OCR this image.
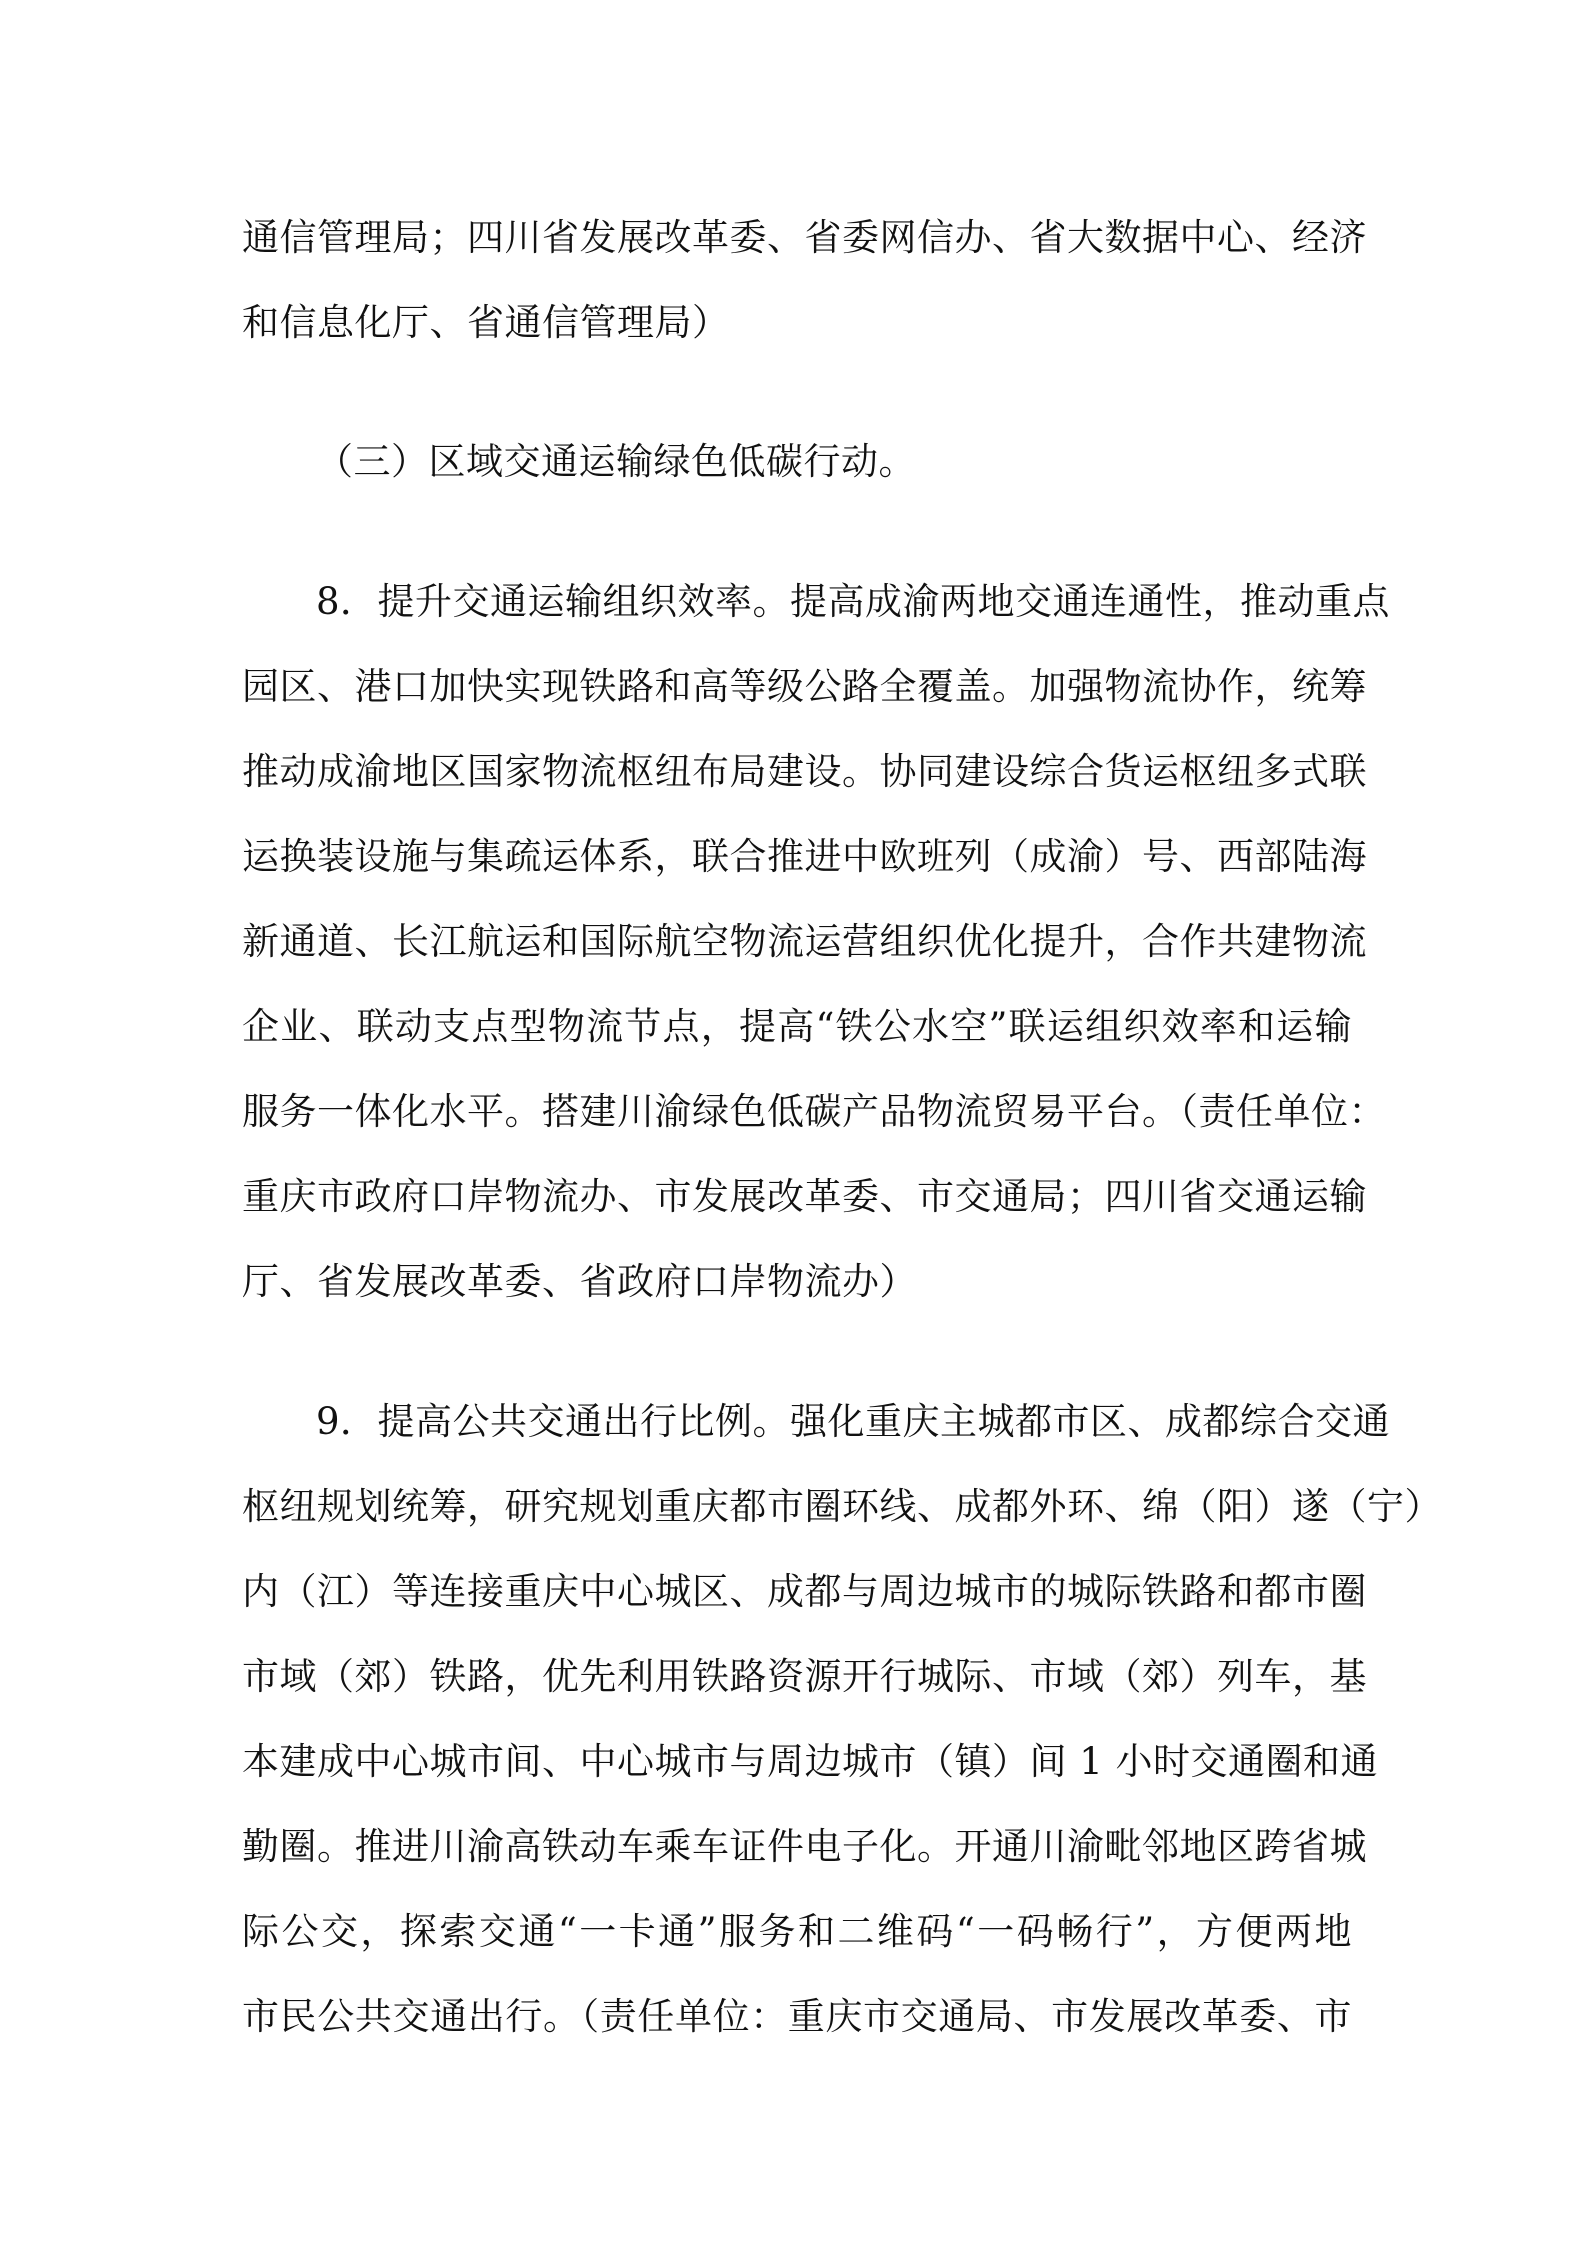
通信管理局；四川省发展改革委、省委网信办、省大数据中心、经济
和信息化厅、省通信管理局）
（三）区域交通运输绿色低碳行动。
8．提升交通运输组织效率。提高成渝两地交通连通性，推动重点
园区、港口加快实现铁路和高等级公路全覆盖。加强物流协作，统筹
推动成渝地区国家物流枢纽布局建设。协同建设综合货运枢纽多式联
运换装设施与集疏运体系，联合推进中欧班列（成渝）号、西部陆海
新通道、长江航运和国际航空物流运营组织优化提升，合作共建物流
企业、联动支点型物流节点，提高“铁公水空”联运组织效率和运输
服务一体化水平。搭建川渝绿色低碳产品物流贸易平台。（责任单位：
重庆市政府口岸物流办、市发展改革委、市交通局；四川省交通运输
厅、省发展改革委、省政府口岸物流办）
9．提高公共交通出行比例。强化重庆主城都市区、成都综合交通
枢纽规划统筹，研究规划重庆都市圈环线、成都外环、绵（阳）遂（宁）
内（江）等连接重庆中心城区、成都与周边城市的城际铁路和都市圈
市域（郊）铁路，优先利用铁路资源开行城际、市域（郊）列车，基
本建成中心城市间、中心城市与周边城市（镇）间 1 小时交通圈和通
勤圈。推进川渝高铁动车乘车证件电子化。开通川渝毗邻地区跨省城
际公交，探索交通“一卡通”服务和二维码“一码畅行”，方便两地
市民公共交通出行。（责任单位：重庆市交通局、市发展改革委、市
